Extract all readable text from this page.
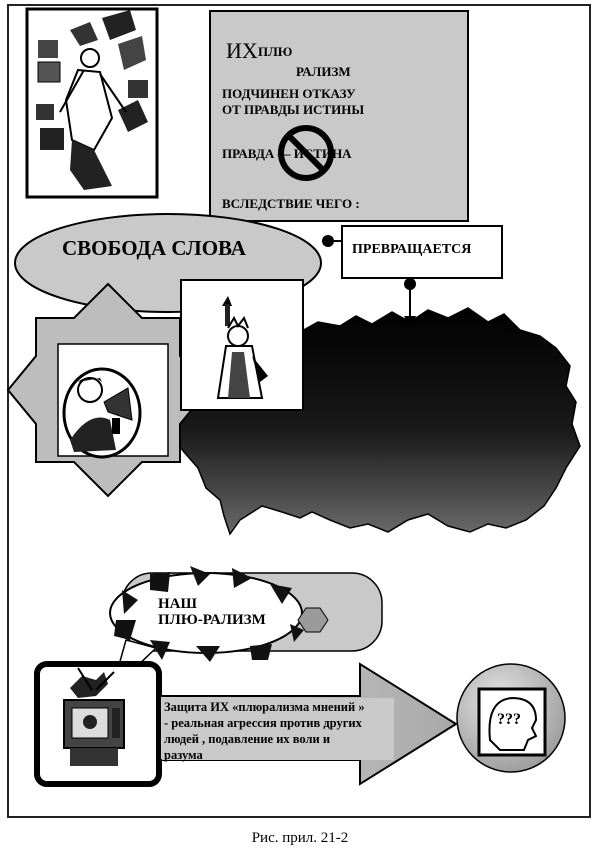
???
ИХ ПЛЮ
РАЛИЗМ
ПОДЧИНЕН ОТКАЗУ
ОТ ПРАВДЫ ИСТИНЫ
ПРАВДА — ИСТИНА
ВСЛЕДСТВИЕ ЧЕГО :
СВОБОДА СЛОВА	ПРЕВРАЩАЕТСЯ
НАШ
ПЛЮ-РАЛИЗМ
Защита ИХ «плюрализма мнений »
- реальная агрессия против других
людей , подавление их воли и
разума
Рис. прил. 21-2
